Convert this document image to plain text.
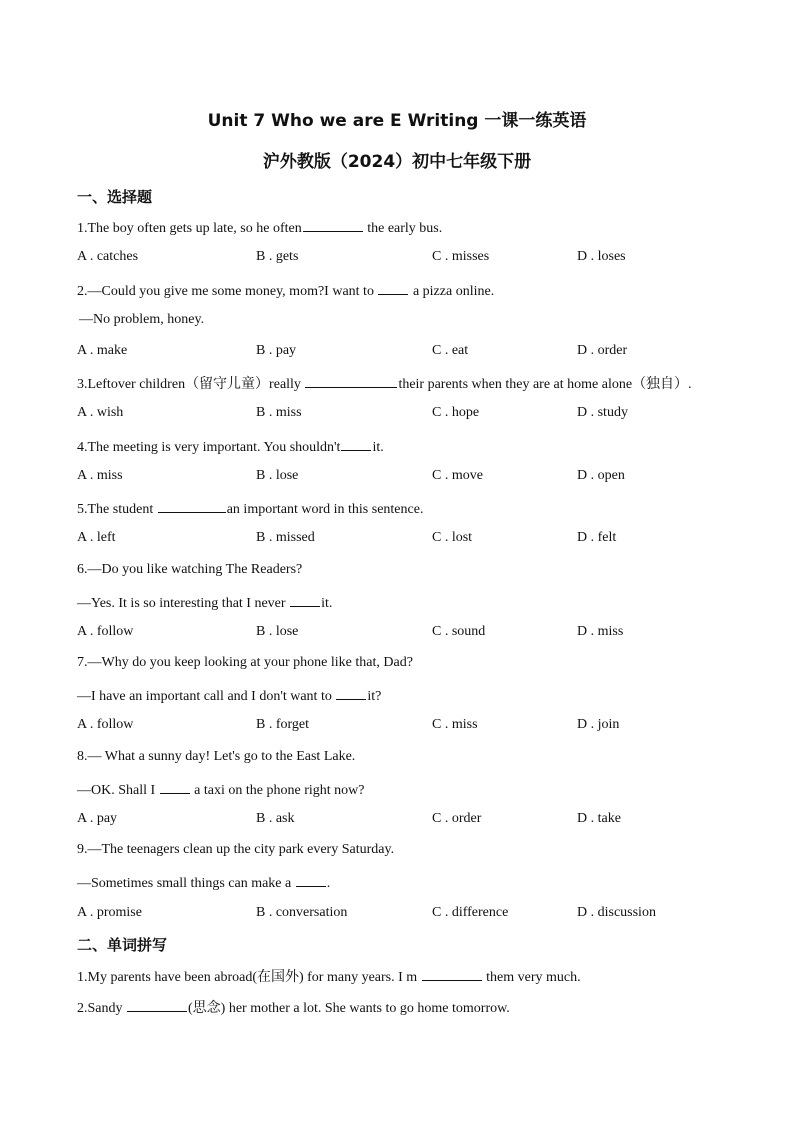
Unit 7 Who we are E Writing 一课一练英语
沪外教版（2024）初中七年级下册
一、选择题
1.The boy often gets up late, so he often	the early bus.
A . catches	B . gets	C . misses	D . loses
2.—Could you give me some money, mom?I want to  a pizza online.
—No problem, honey.
A . make	B . pay	C . eat	D . order
3.Leftover children（留守儿童）really	their parents when they are at home alone（独自）.
A . wish	B . miss	C . hope	D . study
4.The meeting is very important. You shouldn't it.
A . miss	B . lose	C . move	D . open
5.The student	an important word in this sentence.
A . left	B . missed	C . lost	D . felt
6.—Do you like watching The Readers?
—Yes. It is so interesting that I never it.
A . follow	B . lose	C . sound	D . miss
7.—Why do you keep looking at your phone like that, Dad?
—I have an important call and I don't want to it?
A . follow	B . forget	C . miss	D . join
8.— What a sunny day! Let's go to the East Lake.
—OK. Shall I  a taxi on the phone right now?
A . pay	B . ask	C . order	D . take
9.—The teenagers clean up the city park every Saturday.
—Sometimes small things can make a .
A . promise	B . conversation	C . difference	D . discussion
二、单词拼写
1.My parents have been abroad(在国外) for many years. I m	them very much.
2.Sandy	(思念) her mother a lot. She wants to go home tomorrow.
